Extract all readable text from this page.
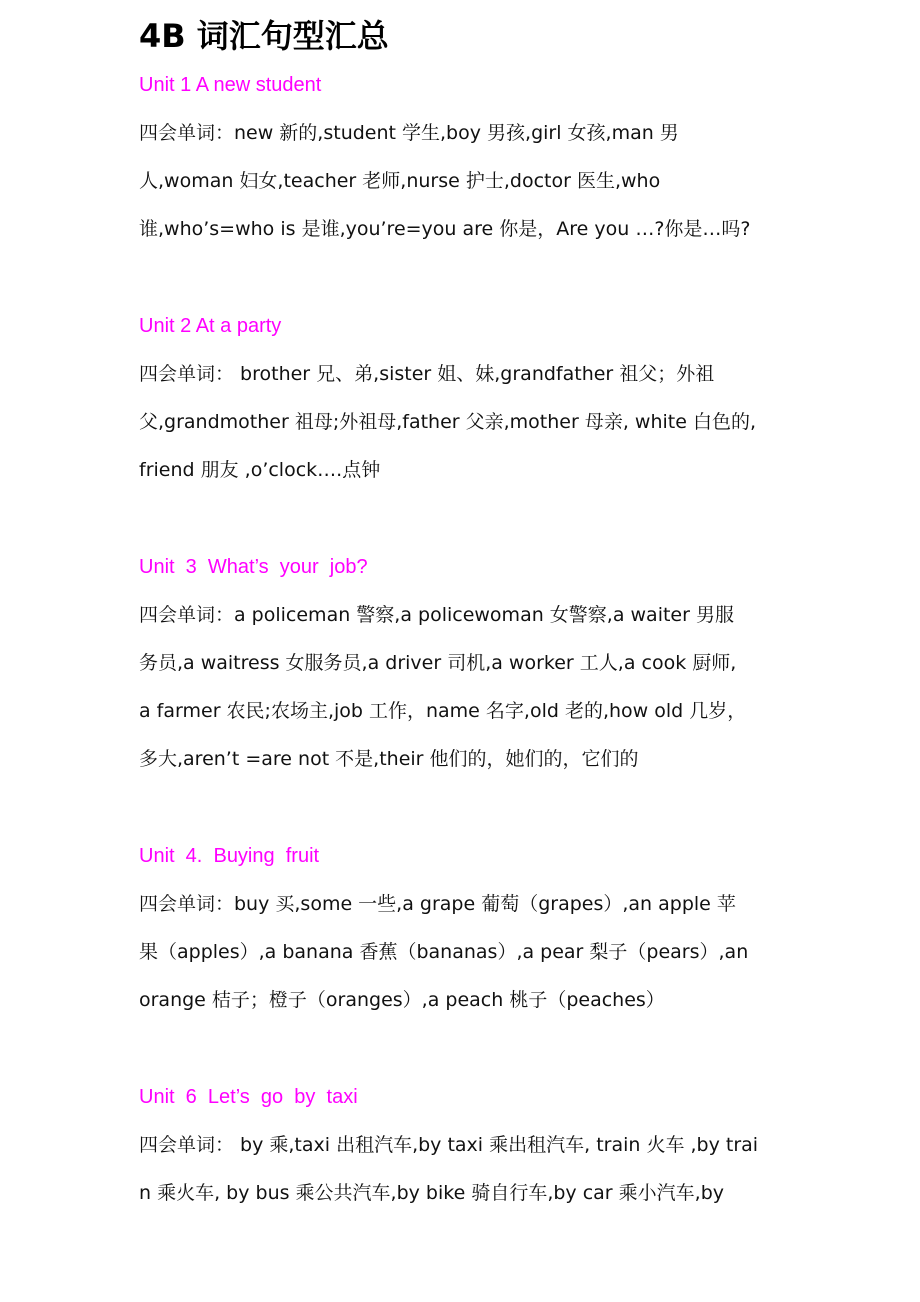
4B 词汇句型汇总
Unit 1 A new student
四会单词：new 新的,student 学生,boy 男孩,girl 女孩,man 男
人,woman 妇女,teacher 老师,nurse 护士,doctor 医生,who
谁,who’s=who is 是谁,you’re=you are 你是，Are you …?你是…吗?
Unit 2 At a party
四会单词： brother 兄、弟,sister 姐、妹,grandfather 祖父；外祖
父,grandmother 祖母;外祖母,father 父亲,mother 母亲, white 白色的,
friend 朋友 ,o’clock….点钟
Unit  3  What’s  your  job?
四会单词：a policeman 警察,a policewoman 女警察,a waiter 男服
务员,a waitress 女服务员,a driver 司机,a worker 工人,a cook 厨师,
a farmer 农民;农场主,job 工作，name 名字,old 老的,how old 几岁，
多大,aren’t =are not 不是,their 他们的，她们的，它们的
Unit  4.  Buying  fruit
四会单词：buy 买,some 一些,a grape 葡萄（grapes）,an apple 苹
果（apples）,a banana 香蕉（bananas）,a pear 梨子（pears）,an
orange 桔子；橙子（oranges）,a peach 桃子（peaches）
Unit  6  Let’s  go  by  taxi
四会单词： by 乘,taxi 出租汽车,by taxi 乘出租汽车, train 火车 ,by trai
n 乘火车, by bus 乘公共汽车,by bike 骑自行车,by car 乘小汽车,by
